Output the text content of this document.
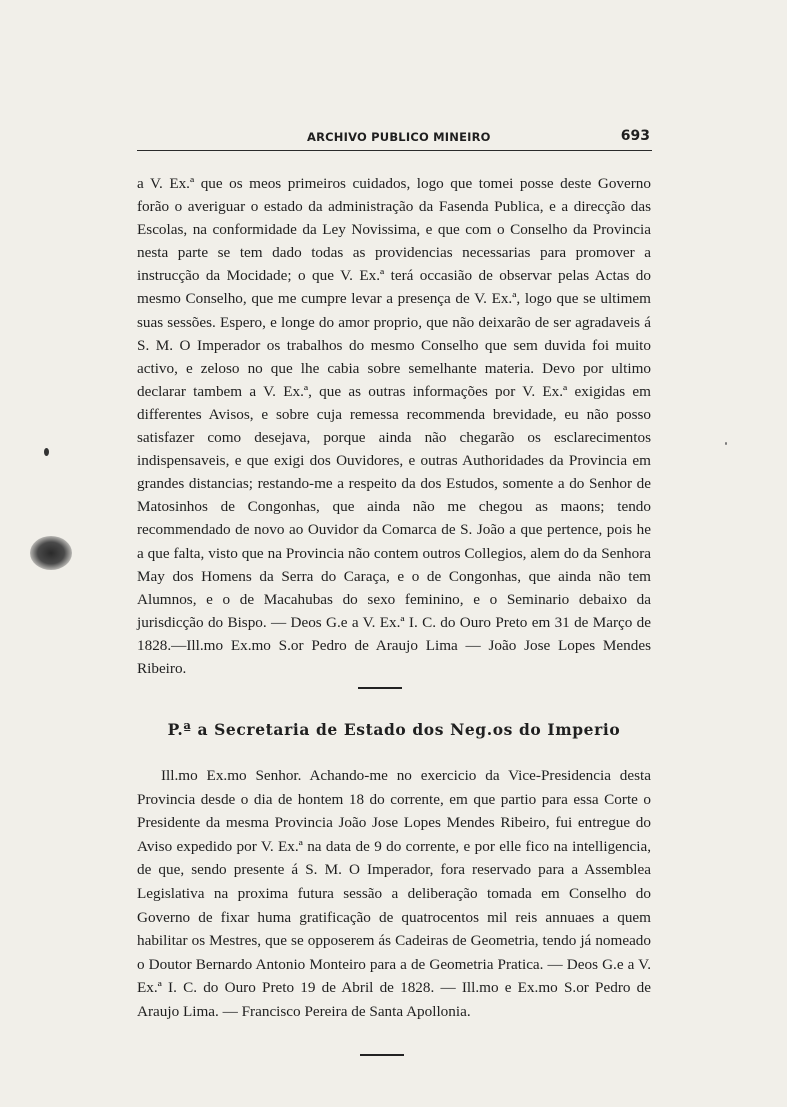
ARCHIVO PUBLICO MINEIRO	693

a V. Ex.ª que os meos primeiros cuidados, logo que tomei posse deste Governo forão o averiguar o estado da administração da Fasenda Publica, e a direcção das Escolas, na conformidade da Ley Novissima, e que com o Conselho da Provincia nesta parte se tem dado todas as providencias necessarias para promover a instrucção da Mocidade; o que V. Ex.ª terá occasião de observar pelas Actas do mesmo Conselho, que me cumpre levar a presença de V. Ex.ª, logo que se ultimem suas sessões. Espero, e longe do amor proprio, que não deixarão de ser agradaveis á S. M. O Imperador os trabalhos do mesmo Conselho que sem duvida foi muito activo, e zeloso no que lhe cabia sobre semelhante materia. Devo por ultimo declarar tambem a V. Ex.ª, que as outras informações por V. Ex.ª exigidas em differentes Avisos, e sobre cuja remessa recommenda brevidade, eu não posso satisfazer como desejava, porque ainda não chegarão os esclarecimentos indispensaveis, e que exigi dos Ouvidores, e outras Authoridades da Provincia em grandes distancias; restando-me a respeito da dos Estudos, somente a do Senhor de Matosinhos de Congonhas, que ainda não me chegou as maons; tendo recommendado de novo ao Ouvidor da Comarca de S. João a que pertence, pois he a que falta, visto que na Provincia não contem outros Collegios, alem do da Senhora May dos Homens da Serra do Caraça, e o de Congonhas, que ainda não tem Alumnos, e o de Macahubas do sexo feminino, e o Seminario debaixo da jurisdicção do Bispo. — Deos G.e a V. Ex.ª I. C. do Ouro Preto em 31 de Março de 1828.—Ill.mo Ex.mo S.or Pedro de Araujo Lima — João Jose Lopes Mendes Ribeiro.

P.ª a Secretaria de Estado dos Neg.os do Imperio

Ill.mo Ex.mo Senhor. Achando-me no exercicio da Vice-Presidencia desta Provincia desde o dia de hontem 18 do corrente, em que partio para essa Corte o Presidente da mesma Provincia João Jose Lopes Mendes Ribeiro, fui entregue do Aviso expedido por V. Ex.ª na data de 9 do corrente, e por elle fico na intelligencia, de que, sendo presente á S. M. O Imperador, fora reservado para a Assemblea Legislativa na proxima futura sessão a deliberação tomada em Conselho do Governo de fixar huma gratificação de quatrocentos mil reis annuaes a quem habilitar os Mestres, que se opposerem ás Cadeiras de Geometria, tendo já nomeado o Doutor Bernardo Antonio Monteiro para a de Geometria Pratica. — Deos G.e a V. Ex.ª I. C. do Ouro Preto 19 de Abril de 1828. — Ill.mo e Ex.mo S.or Pedro de Araujo Lima. — Francisco Pereira de Santa Apollonia.
